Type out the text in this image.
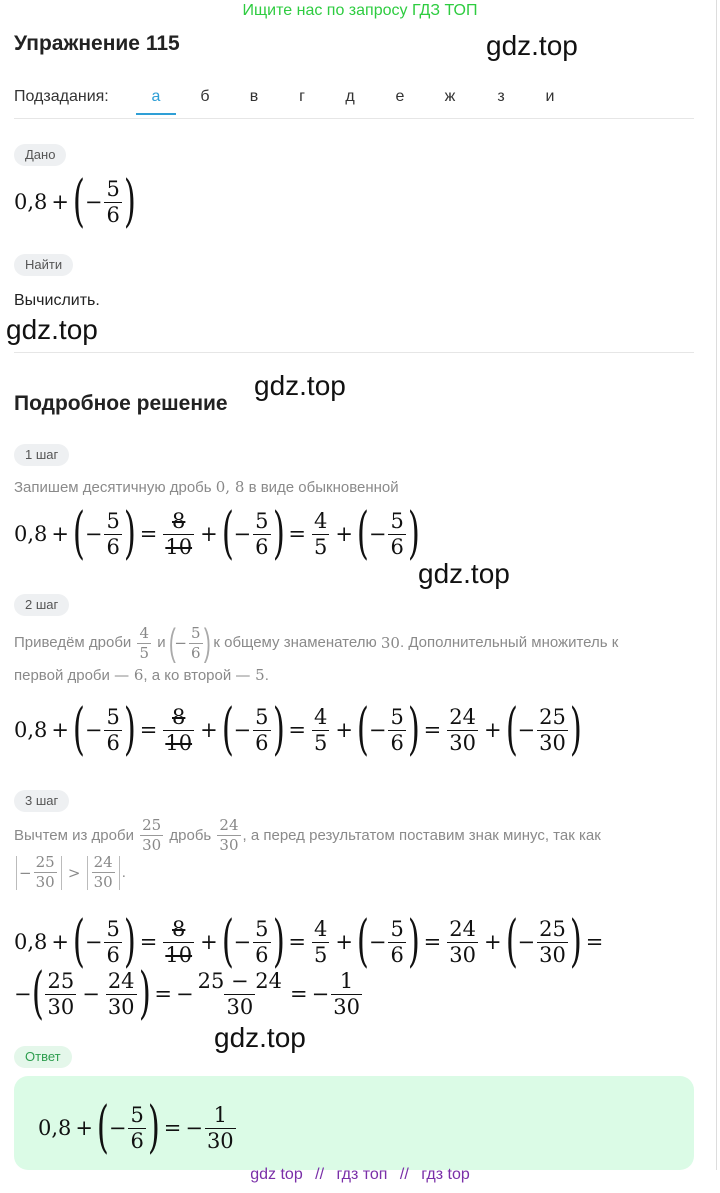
Ищите нас по запросу ГДЗ ТОП
Упражнение 115	gdz.top
gdz.top
gdz.top
gdz.top
gdz.top
Подзадания:	а	б	в	г	д	е	ж	з	и
Дано
0,8 + ( − $\frac{5}{6}$ )
Найти
Вычислить.
Подробное решение
1 шаг
Запишем десятичную дробь 0, 8 в виде обыкновенной
0,8 + ( − $\frac{5}{6}$ ) = $\frac{8}{10}$ + ( − $\frac{5}{6}$ ) = $\frac{4}{5}$ + ( − $\frac{5}{6}$ )
2 шаг
Приведём дроби
$\frac{4}{5}$
и
(
− $\frac{5}{6}$ )
к общему знаменателю
30 . Дополнительный множитель к
первой дроби — 6, а ко второй — 5.
0,8 + ( − $\frac{5}{6}$ ) = $\frac{8}{10}$ + ( − $\frac{5}{6}$ ) = $\frac{4}{5}$ + ( − $\frac{5}{6}$ ) = $\frac{24}{30}$ + ( − $\frac{25}{30}$ )
3 шаг
Вычтем из дроби
$\frac{25}{30}$
дробь
$\frac{24}{30}$ , а перед результатом поставим знак минус, так как
− $\frac{25}{30}$
>
$\frac{24}{30}$ .
0,8 + ( − $\frac{5}{6}$ ) = $\frac{8}{10}$ + ( − $\frac{5}{6}$ ) = $\frac{4}{5}$ + ( − $\frac{5}{6}$ ) = $\frac{24}{30}$ + ( − $\frac{25}{30}$ ) =
− ( $\frac{25}{30} - \frac{24}{30}$ ) = − $\frac{25 - 24}{30}$ = − $\frac{1}{30}$
Ответ
0,8 + ( − $\frac{5}{6}$ ) = − $\frac{1}{30}$
gdz top // гдз топ // гдз top
